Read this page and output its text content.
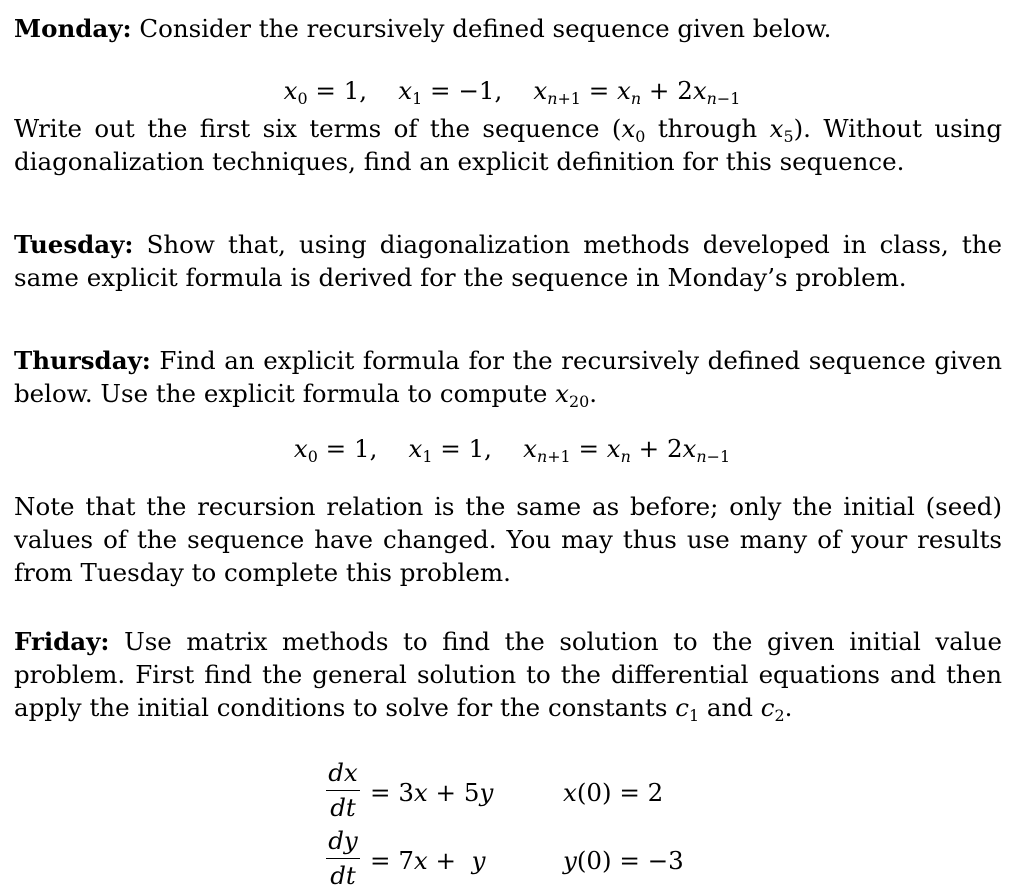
Monday: Consider the recursively defined sequence given below.
Write out the first six terms of the sequence ($x_0$ through $x_5$). Without using diagonalization techniques, find an explicit definition for this sequence.
Tuesday: Show that, using diagonalization methods developed in class, the same explicit formula is derived for the sequence in Monday’s problem.
Thursday: Find an explicit formula for the recursively defined sequence given below. Use the explicit formula to compute $x_{20}$.
Note that the recursion relation is the same as before; only the initial (seed) values of the sequence have changed. You may thus use many of your results from Tuesday to complete this problem.
Friday: Use matrix methods to find the solution to the given initial value problem. First find the general solution to the differential equations and then apply the initial conditions to solve for the constants $c_1$ and $c_2$.
$x_0 = 1$,    $x_1 = -1$,    $x_{n+1} = x_n + 2x_{n-1}$
$x_0 = 1$,    $x_1 = 1$,    $x_{n+1} = x_n + 2x_{n-1}$
dx
dt
= 3x + 5y	x(0) = 2
dy
dt
= 7x +  y	y(0) = −3
